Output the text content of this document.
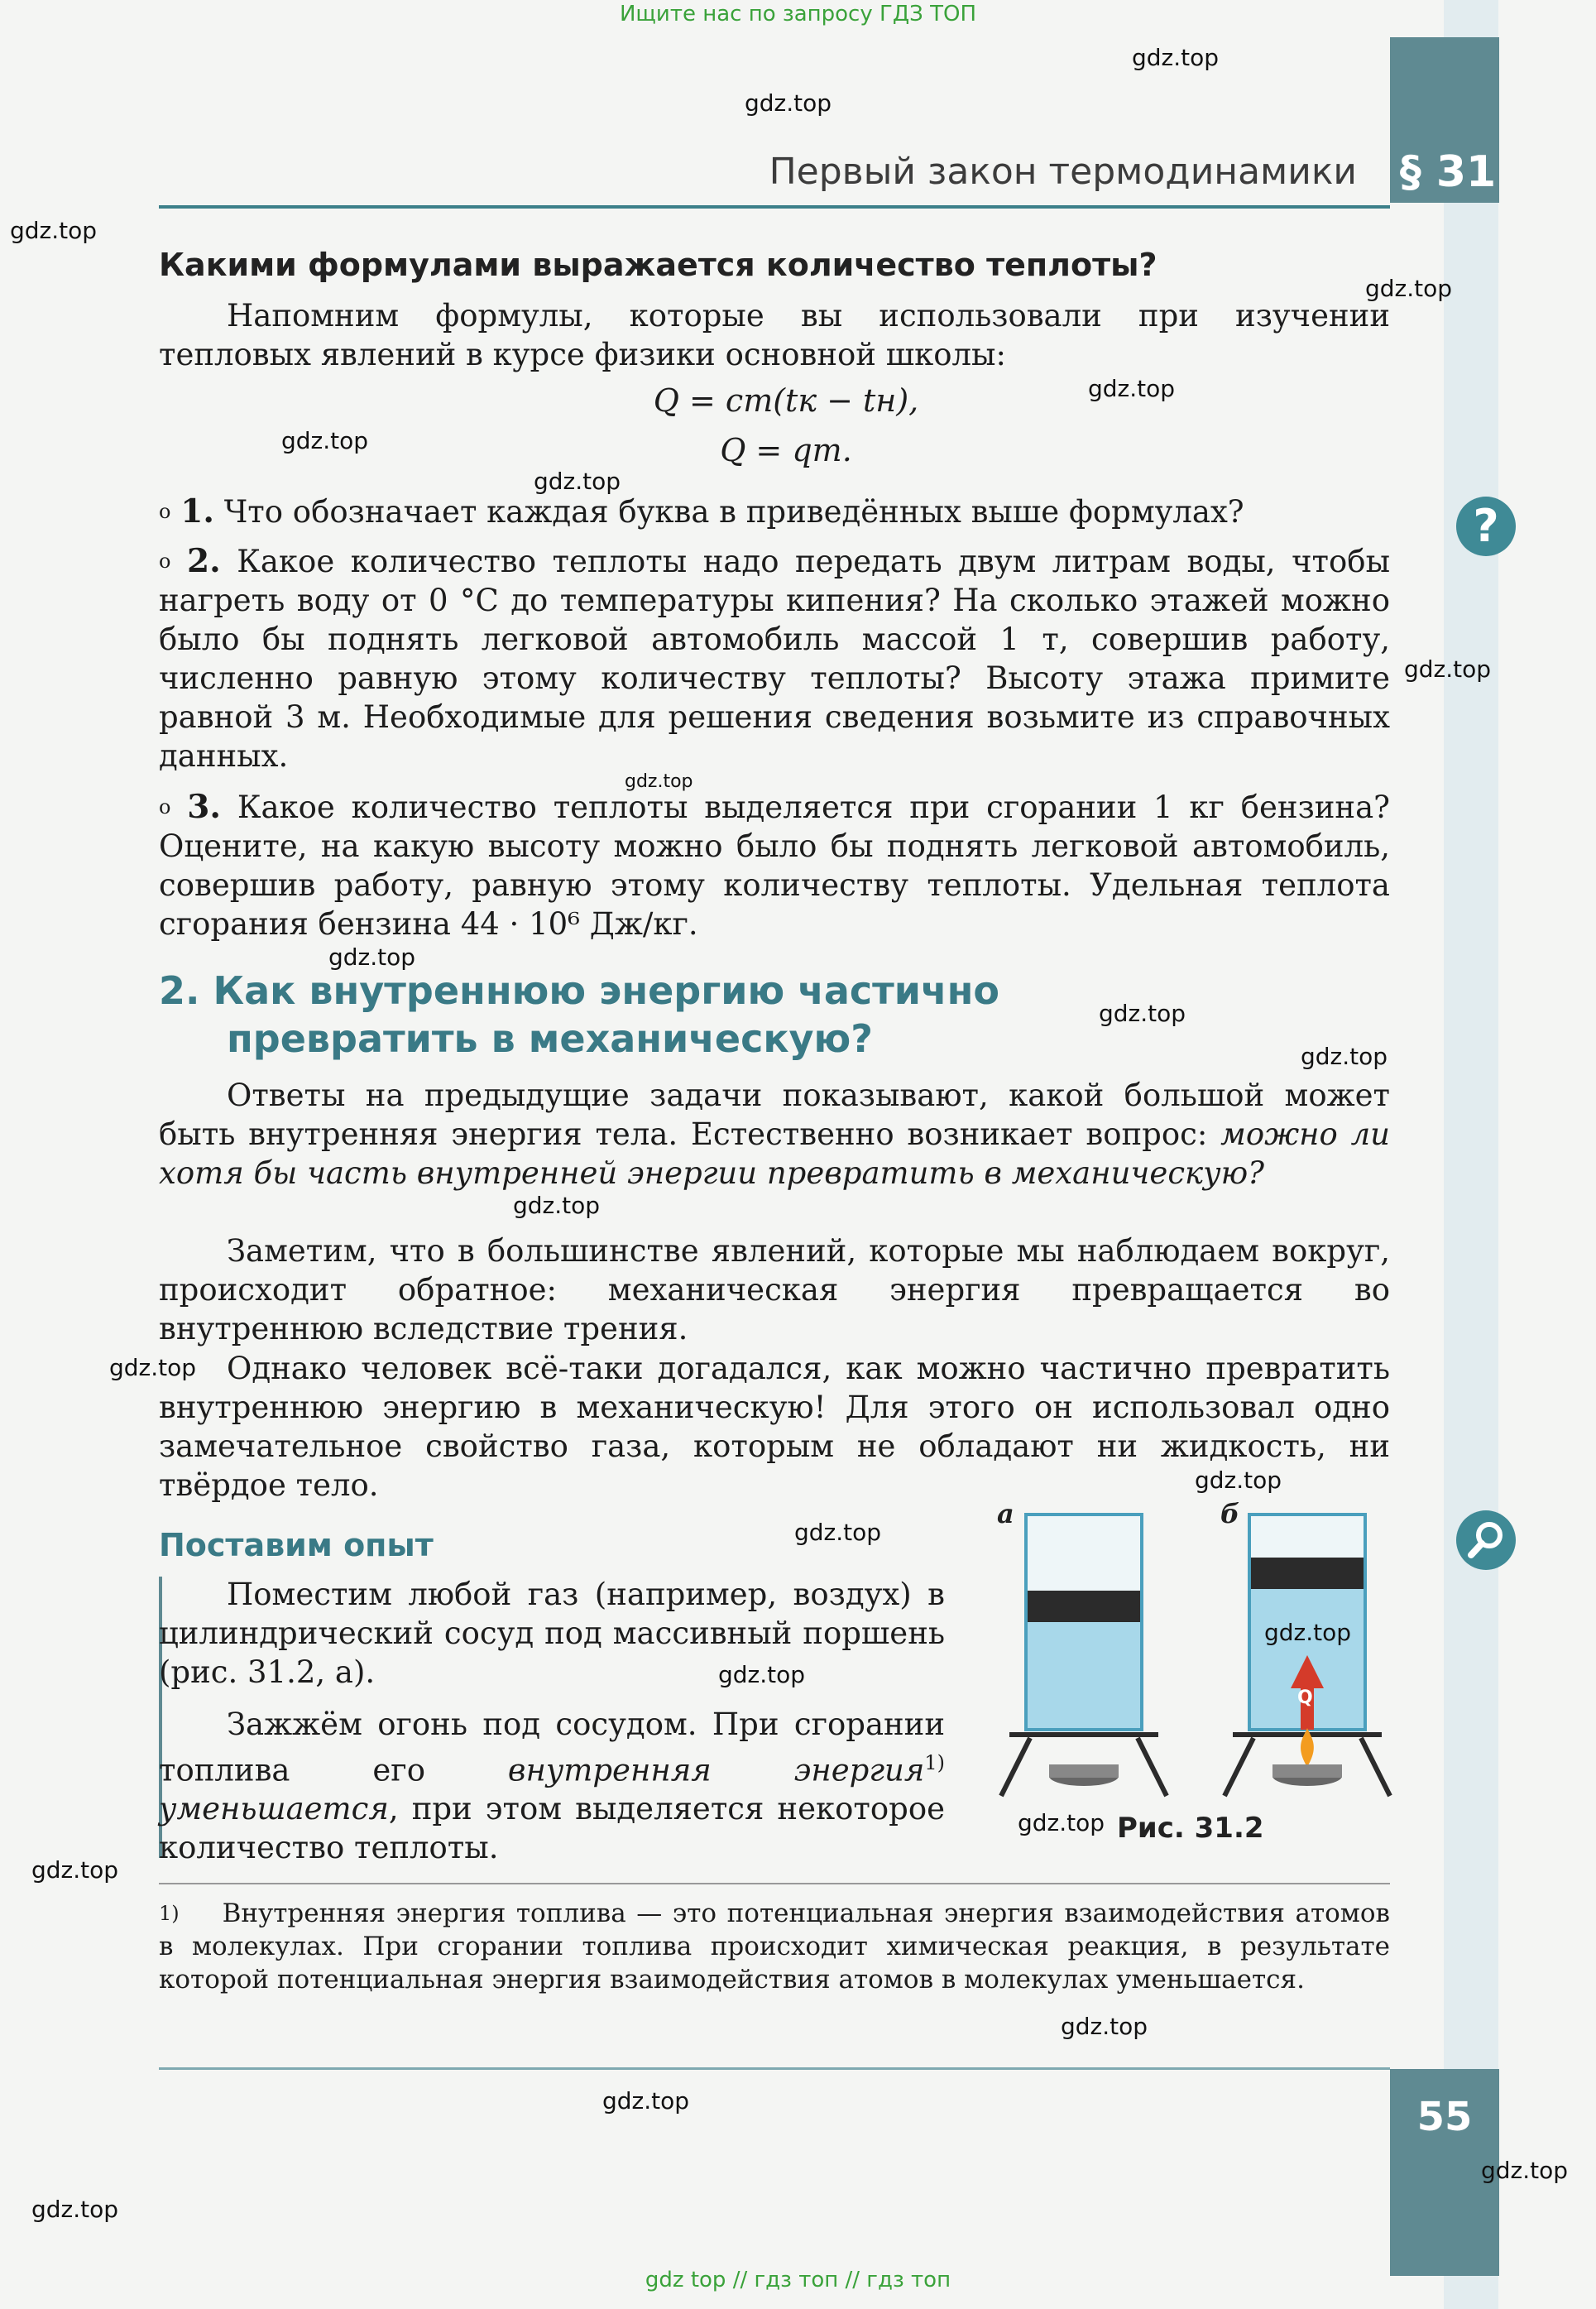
Ищите нас по запросу ГДЗ ТОП
§ 31
Первый закон термодинамики
Какими формулами выражается количество теплоты?
Напомним формулы, которые вы использовали при изучении тепловых явлений в курсе физики основной школы:
Q = cm(tк − tн),
Q = qm.
$^o$ 1. Что обозначает каждая буква в приведённых выше формулах?
$^o$ 2. Какое количество теплоты надо передать двум литрам воды, чтобы нагреть воду от 0 °С до температуры кипения? На сколько этажей можно было бы поднять легковой автомобиль массой 1 т, совершив работу, численно равную этому количеству теплоты? Высоту этажа примите равной 3 м. Необходимые для решения сведения возьмите из справочных данных.
$^o$ 3. Какое количество теплоты выделяется при сгорании 1 кг бензина? Оцените, на какую высоту можно было бы поднять легковой автомобиль, совершив работу, равную этому количеству теплоты. Удельная теплота сгорания бензина 44 · 10⁶ Дж/кг.
?
2. Как внутреннюю энергию частично
превратить в механическую?
Ответы на предыдущие задачи показывают, какой большой может быть внутренняя энергия тела. Естественно возникает вопрос: можно ли хотя бы часть внутренней энергии превратить в механическую?
Заметим, что в большинстве явлений, которые мы наблюдаем вокруг, происходит обратное: механическая энергия превращается во внутреннюю вследствие трения.
Однако человек всё-таки догадался, как можно частично превратить внутреннюю энергию в механическую! Для этого он использовал одно замечательное свойство газа, которым не обладают ни жидкость, ни твёрдое тело.
Поставим опыт
Поместим любой газ (например, воздух) в цилиндрический сосуд под массивный поршень (рис. 31.2, а).
Зажжём огонь под сосудом. При сгорании топлива его	внутренняя энергия$^{1)}$ уменьшается, при этом выделяется некоторое количество теплоты.
а	б
Q
Рис. 31.2
1) Внутренняя энергия топлива — это потенциальная энергия взаимодействия атомов в молекулах. При сгорании топлива происходит химическая реакция, в результате которой потенциальная энергия взаимодействия атомов в молекулах уменьшается.
55
gdz.top
gdz.top
gdz.top
gdz.top
gdz.top
gdz.top
gdz.top
gdz.top
gdz.top
gdz.top
gdz.top
gdz.top
gdz.top
gdz.top
gdz.top
gdz.top
gdz.top
gdz.top
gdz.top
gdz.top
gdz.top
gdz.top
gdz.top
gdz.top
gdz top // гдз топ // гдз топ
